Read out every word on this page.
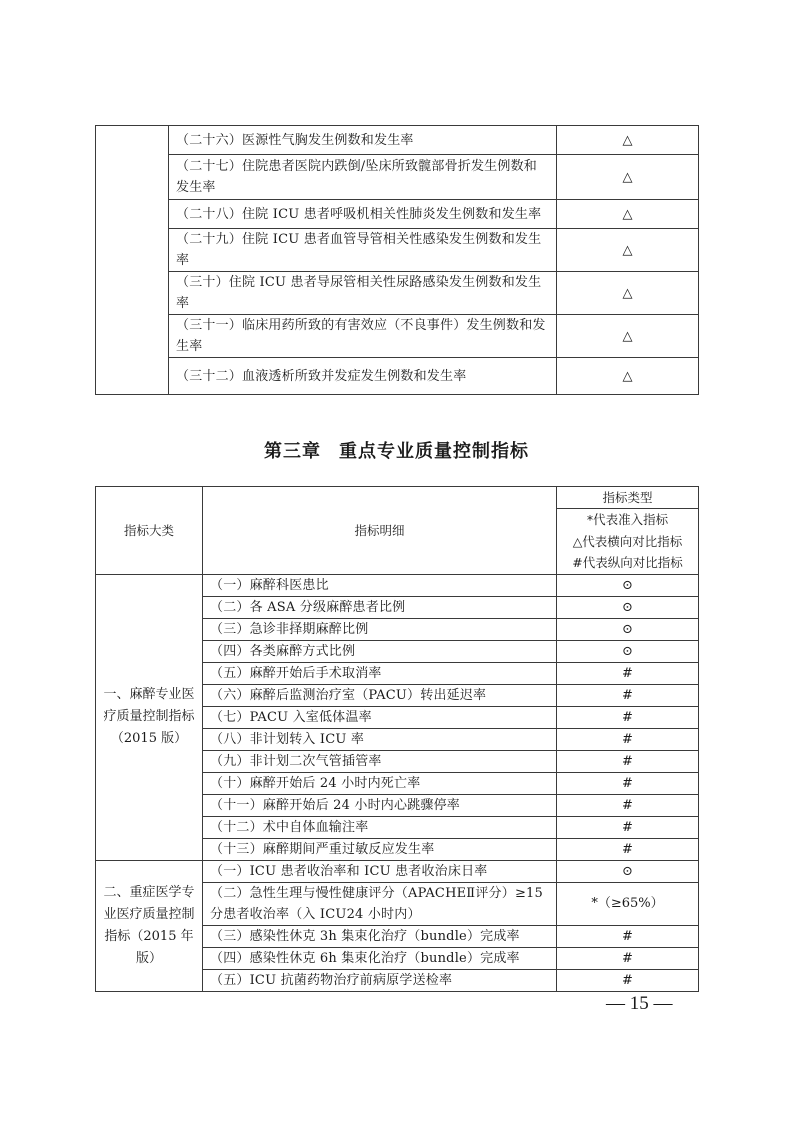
	（二十六）医源性气胸发生例数和发生率	△
	（二十七）住院患者医院内跌倒/坠床所致髋部骨折发生例数和发生率	△
	（二十八）住院 ICU 患者呼吸机相关性肺炎发生例数和发生率	△
	（二十九）住院 ICU 患者血管导管相关性感染发生例数和发生率	△
	（三十）住院 ICU 患者导尿管相关性尿路感染发生例数和发生率	△
	（三十一）临床用药所致的有害效应（不良事件）发生例数和发生率	△
	（三十二）血液透析所致并发症发生例数和发生率	△
第三章 重点专业质量控制指标
指标大类	指标明细	指标类型

		*代表准入指标
△代表横向对比指标
#代表纵向对比指标

一、麻醉专业医疗质量控制指标（2015 版）	（一）麻醉科医患比	⊙
	（二）各 ASA 分级麻醉患者比例	⊙
	（三）急诊非择期麻醉比例	⊙
	（四）各类麻醉方式比例	⊙
	（五）麻醉开始后手术取消率	#
	（六）麻醉后监测治疗室（PACU）转出延迟率	#
	（七）PACU 入室低体温率	#
	（八）非计划转入 ICU 率	#
	（九）非计划二次气管插管率	#
	（十）麻醉开始后 24 小时内死亡率	#
	（十一）麻醉开始后 24 小时内心跳骤停率	#
	（十二）术中自体血输注率	#
	（十三）麻醉期间严重过敏反应发生率	#
二、重症医学专业医疗质量控制指标（2015 年版）	（一）ICU 患者收治率和 ICU 患者收治床日率	⊙
	（二）急性生理与慢性健康评分（APACHEⅡ评分）≥15 分患者收治率（入 ICU24 小时内）	*（≥65%）
	（三）感染性休克 3h 集束化治疗（bundle）完成率	#
	（四）感染性休克 6h 集束化治疗（bundle）完成率	#
	（五）ICU 抗菌药物治疗前病原学送检率	#
— 15 —
